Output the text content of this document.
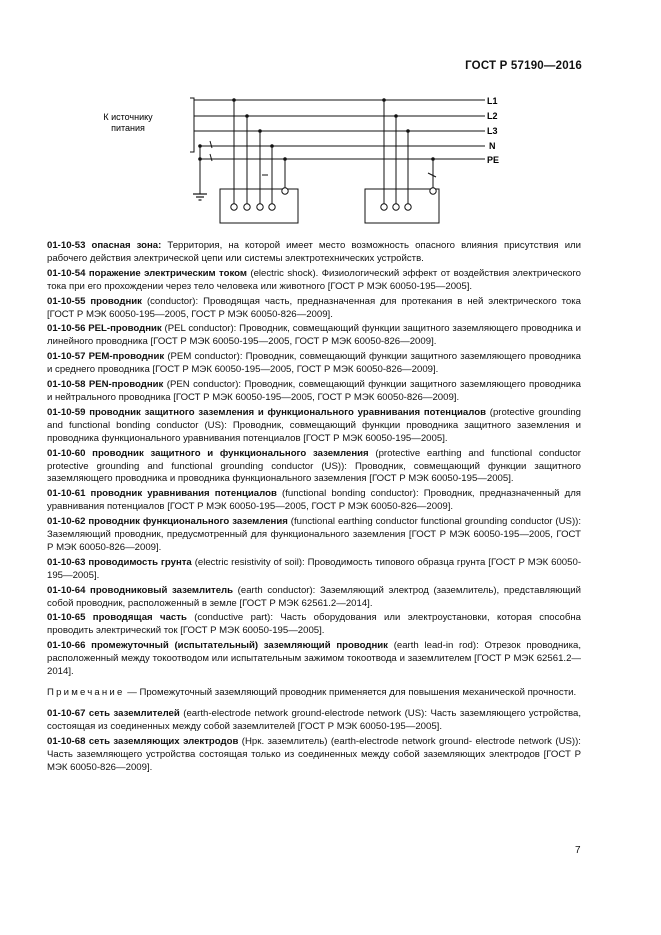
ГОСТ Р 57190—2016
К источнику
питания
L1
L2
L3
N
PE

01-10-53 опасная зона: Территория, на которой имеет место возможность опасного влияния присутствия или рабочего действия электрической цепи или системы электротехнических устройств.

01-10-54 поражение электрическим током (electric shock). Физиологический эффект от воздействия электрического тока при его прохождении через тело человека или животного [ГОСТ Р МЭК 60050-195—2005].

01-10-55 проводник (conductor): Проводящая часть, предназначенная для протекания в ней электрического тока [ГОСТ Р МЭК 60050-195—2005, ГОСТ Р МЭК 60050-826—2009].

01-10-56 PEL-проводник (PEL conductor): Проводник, совмещающий функции защитного заземляющего проводника и линейного проводника [ГОСТ Р МЭК 60050-195—2005, ГОСТ Р МЭК 60050-826—2009].

01-10-57 PEM-проводник (PEM conductor): Проводник, совмещающий функции защитного заземляющего проводника и среднего проводника [ГОСТ Р МЭК 60050-195—2005, ГОСТ Р МЭК 60050-826—2009].

01-10-58 PEN-проводник (PEN conductor): Проводник, совмещающий функции защитного заземляющего проводника и нейтрального проводника [ГОСТ Р МЭК 60050-195—2005, ГОСТ Р МЭК 60050-826—2009].

01-10-59 проводник защитного заземления и функционального уравнивания потенциалов (protective grounding and functional bonding conductor (US): Проводник, совмещающий функции проводника защитного заземления и проводника функционального уравнивания потенциалов [ГОСТ Р МЭК 60050-195—2005].

01-10-60 проводник защитного и функционального заземления (protective earthing and functional conductor protective grounding and functional grounding conductor (US)): Проводник, совмещающий функции защитного заземляющего проводника и проводника функционального заземления [ГОСТ Р МЭК 60050-195—2005].

01-10-61 проводник уравнивания потенциалов (functional bonding conductor): Проводник, предназначенный для уравнивания потенциалов [ГОСТ Р МЭК 60050-195—2005, ГОСТ Р МЭК 60050-826—2009].

01-10-62 проводник функционального заземления (functional earthing conductor functional grounding conductor (US)): Заземляющий проводник, предусмотренный для функционального заземления [ГОСТ Р МЭК 60050-195—2005, ГОСТ Р МЭК 60050-826—2009].

01-10-63 проводимость грунта (electric resistivity of soil): Проводимость типового образца грунта [ГОСТ Р МЭК 60050-195—2005].

01-10-64 проводниковый заземлитель (earth conductor): Заземляющий электрод (заземлитель), представляющий собой проводник, расположенный в земле [ГОСТ Р МЭК 62561.2—2014].

01-10-65 проводящая часть (conductive part): Часть оборудования или электроустановки, которая способна проводить электрический ток [ГОСТ Р МЭК 60050-195—2005].

01-10-66 промежуточный (испытательный) заземляющий проводник (earth lead-in rod): Отрезок проводника, расположенный между токоотводом или испытательным зажимом токоотвода и заземлителем [ГОСТ Р МЭК 62561.2—2014].

Примечание — Промежуточный заземляющий проводник применяется для повышения механической прочности.

01-10-67 сеть заземлителей (earth-electrode network ground-electrode network (US): Часть заземляющего устройства, состоящая из соединенных между собой заземлителей [ГОСТ Р МЭК 60050-195—2005].

01-10-68 сеть заземляющих электродов (Нрк. заземлитель) (earth-electrode network ground- electrode network (US)): Часть заземляющего устройства состоящая только из соединенных между собой заземляющих электродов [ГОСТ Р МЭК 60050-826—2009].

7
